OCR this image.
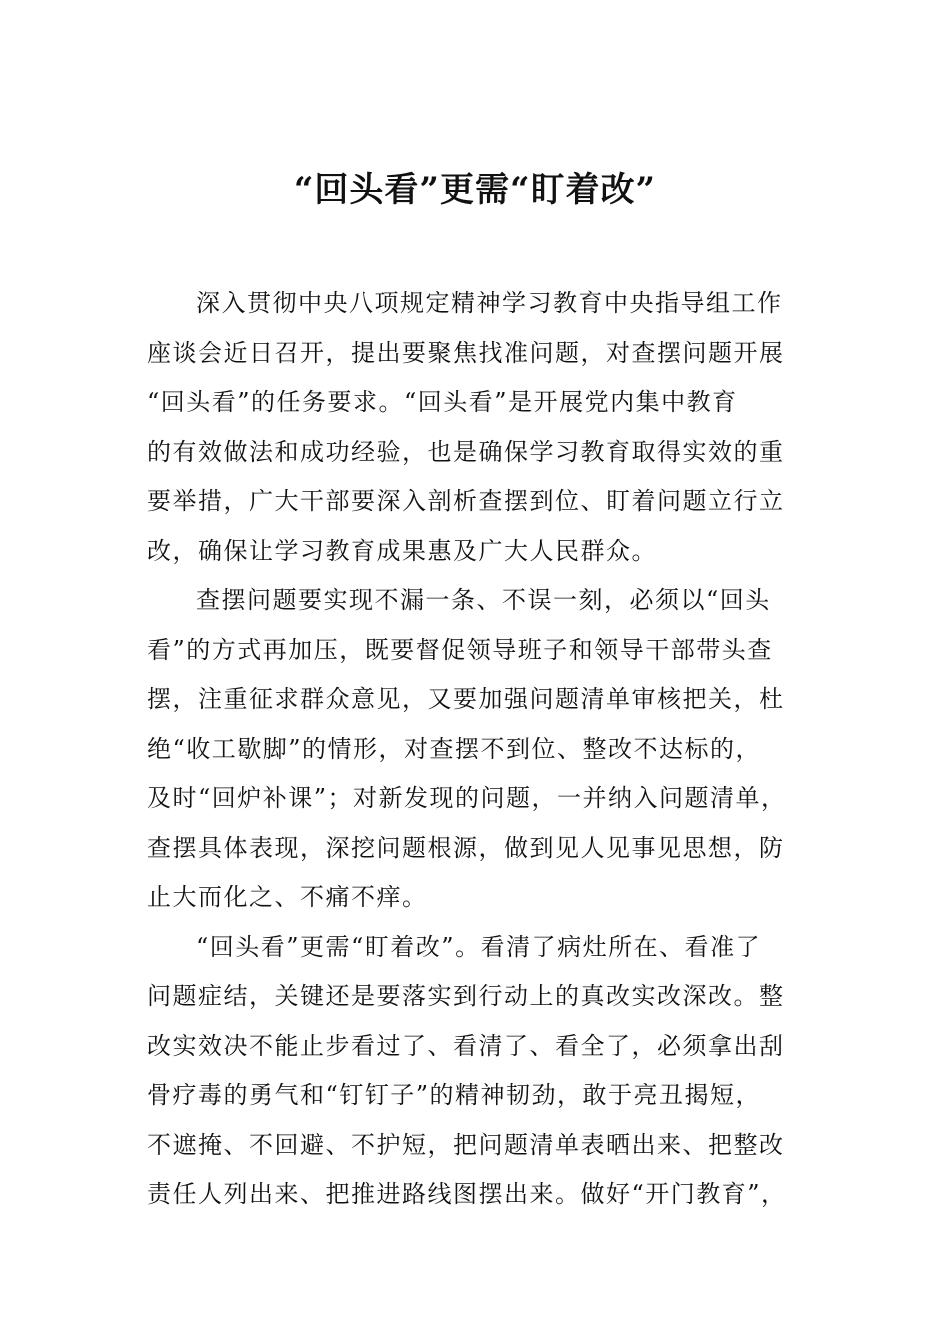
“回头看”更需“盯着改”

深入贯彻中央八项规定精神学习教育中央指导组工作
座谈会近日召开，提出要聚焦找准问题，对查摆问题开展
“回头看”的任务要求。“回头看”是开展党内集中教育
的有效做法和成功经验，也是确保学习教育取得实效的重
要举措，广大干部要深入剖析查摆到位、盯着问题立行立
改，确保让学习教育成果惠及广大人民群众。

查摆问题要实现不漏一条、不误一刻，必须以“回头
看”的方式再加压，既要督促领导班子和领导干部带头查
摆，注重征求群众意见，又要加强问题清单审核把关，杜
绝“收工歇脚”的情形，对查摆不到位、整改不达标的，
及时“回炉补课”；对新发现的问题，一并纳入问题清单，
查摆具体表现，深挖问题根源，做到见人见事见思想，防
止大而化之、不痛不痒。

“回头看”更需“盯着改”。看清了病灶所在、看准了
问题症结，关键还是要落实到行动上的真改实改深改。整
改实效决不能止步看过了、看清了、看全了，必须拿出刮
骨疗毒的勇气和“钉钉子”的精神韧劲，敢于亮丑揭短，
不遮掩、不回避、不护短，把问题清单表晒出来、把整改
责任人列出来、把推进路线图摆出来。做好“开门教育”，
